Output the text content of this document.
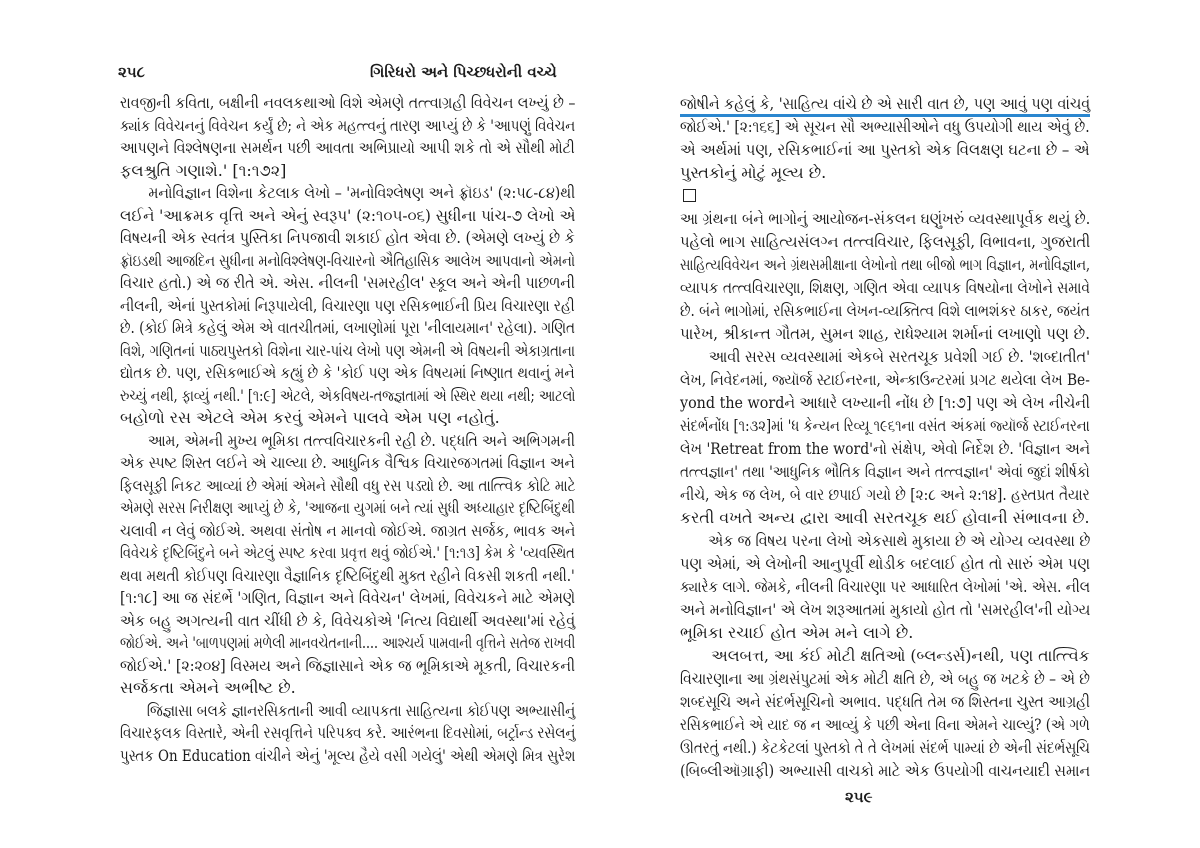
૨૫૮	ગિરિધરો અને પિચ્છધરોની વચ્ચે
રાવજીની કવિતા, બક્ષીની નવલકથાઓ વિશે એમણે તત્ત્વાગ્રહી વિવેચન લખ્યું છે –
ક્યાંક વિવેચનનું વિવેચન કર્યું છે; ને એક મહત્ત્વનું તારણ આપ્યું છે કે 'આપણું વિવેચન
આપણને વિશ્લેષણના સમર્થન પછી આવતા અભિપ્રાયો આપી શકે તો એ સૌથી મોટી
ફલશ્રુતિ ગણાશે.' [૧:૧૭૨]
મનોવિજ્ઞાન વિશેના કેટલાક લેખો – 'મનોવિશ્લેષણ અને ફ્રૉઇડ' (૨:૫૮-૮૪)થી
લઈને 'આક્રમક વૃત્તિ અને એનું સ્વરૂપ' (૨:૧૦૫-૦૬) સુધીના પાંચ-૭ લેખો એ
વિષયની એક સ્વતંત્ર પુસ્તિકા નિપજાવી શકાઈ હોત એવા છે. (એમણે લખ્યું છે કે
ફ્રૉઇડથી આજદિન સુધીના મનોવિશ્લેષણ-વિચારનો ઐતિહાસિક આલેખ આપવાનો એમનો
વિચાર હતો.) એ જ રીતે એ. એસ. નીલની 'સમરહીલ' સ્કૂલ અને એની પાછળની
નીલની, એનાં પુસ્તકોમાં નિરૂપાયેલી, વિચારણા પણ રસિકભાઈની પ્રિય વિચારણા રહી
છે. (કોઈ મિત્રે કહેલું એમ એ વાતચીતમાં, લખાણોમાં પૂરા 'નીલાયમાન' રહેલા). ગણિત
વિશે, ગણિતનાં પાઠ્યપુસ્તકો વિશેના ચાર-પાંચ લેખો પણ એમની એ વિષયની એકાગ્રતાના
દ્યોતક છે. પણ, રસિકભાઈએ કહ્યું છે કે 'કોઈ પણ એક વિષયમાં નિષ્ણાત થવાનું મને
રુચ્યું નથી, ફાવ્યું નથી.' [૧:૯] એટલે, એકવિષય-તજ્જ્ઞતામાં એ સ્થિર થયા નથી; આટલો
બહોળો રસ એટલે એમ કરવું એમને પાલવે એમ પણ નહોતું.
આમ, એમની મુખ્ય ભૂમિકા તત્ત્વવિચારકની રહી છે. પદ્ધતિ અને અભિગમની
એક સ્પષ્ટ શિસ્ત લઈને એ ચાલ્યા છે. આધુનિક વૈશ્વિક વિચારજગતમાં વિજ્ઞાન અને
ફિલસૂફી નિકટ આવ્યાં છે એમાં એમને સૌથી વધુ રસ પડ્યો છે. આ તાત્ત્વિક કોટિ માટે
એમણે સરસ નિરીક્ષણ આપ્યું છે કે, 'આજના યુગમાં બને ત્યાં સુધી અધ્યાહાર દૃષ્ટિબિંદુથી
ચલાવી ન લેવું જોઈએ. અથવા સંતોષ ન માનવો જોઈએ. જાગ્રત સર્જક, ભાવક અને
વિવેચકે દૃષ્ટિબિંદુને બને એટલું સ્પષ્ટ કરવા પ્રવૃત્ત થવું જોઈએ.' [૧:૧૩] કેમ કે 'વ્યવસ્થિત
થવા મથતી કોઈપણ વિચારણા વૈજ્ઞાનિક દૃષ્ટિબિંદુથી મુક્ત રહીને વિકસી શકતી નથી.'
[૧:૧૮] આ જ સંદર્ભે 'ગણિત, વિજ્ઞાન અને વિવેચન' લેખમાં, વિવેચકને માટે એમણે
એક બહુ અગત્યની વાત ચીંધી છે કે, વિવેચકોએ 'નિત્ય વિદ્યાર્થી અવસ્થા'માં રહેવું
જોઈએ. અને 'બાળપણમાં મળેલી માનવચેતનાની.... આશ્ચર્ય પામવાની વૃત્તિને સતેજ રાખવી
જોઈએ.' [૨:૨૦૪] વિસ્મય અને જિજ્ઞાસાને એક જ ભૂમિકાએ મૂકતી, વિચારકની
સર્જકતા એમને અભીષ્ટ છે.
જિજ્ઞાસા બલકે જ્ઞાનરસિકતાની આવી વ્યાપકતા સાહિત્યના કોઈપણ અભ્યાસીનું
વિચારફલક વિસ્તારે, એની રસવૃત્તિને પરિપક્વ કરે. આરંભના દિવસોમાં, બર્ટ્રાન્ડ રસેલનું
પુસ્તક On Education વાંચીને એનું 'મૂલ્ય હૈયે વસી ગયેલું' એથી એમણે મિત્ર સુરેશ
જોષીને કહેલું કે, 'સાહિત્ય વાંચે છે એ સારી વાત છે, પણ આવું પણ વાંચવું
જોઈએ.' [૨:૧૬૬] એ સૂચન સૌ અભ્યાસીઓને વધુ ઉપયોગી થાય એવું છે.
એ અર્થમાં પણ, રસિકભાઈનાં આ પુસ્તકો એક વિલક્ષણ ઘટના છે – એ
પુસ્તકોનું મોટું મૂલ્ય છે.
આ ગ્રંથના બંને ભાગોનું આયોજન-સંકલન ઘણુંખરું વ્યવસ્થાપૂર્વક થયું છે.
પહેલો ભાગ સાહિત્યસંલગ્ન તત્ત્વવિચાર, ફિલસૂફી, વિભાવના, ગુજરાતી
સાહિત્યવિવેચન અને ગ્રંથસમીક્ષાના લેખોનો તથા બીજો ભાગ વિજ્ઞાન, મનોવિજ્ઞાન,
વ્યાપક તત્ત્વવિચારણા, શિક્ષણ, ગણિત એવા વ્યાપક વિષયોના લેખોને સમાવે
છે. બંને ભાગોમાં, રસિકભાઈના લેખન-વ્યક્તિત્વ વિશે લાભશંકર ઠાકર, જયંત
પારેખ, શ્રીકાન્ત ગૌતમ, સુમન શાહ, રાધેશ્યામ શર્માનાં લખાણો પણ છે.
આવી સરસ વ્યવસ્થામાં એકબે સરતચૂક પ્રવેશી ગઈ છે. 'શબ્દાતીત'
લેખ, નિવેદનમાં, જ્યૉર્જ સ્ટાઈનરના, એન્કાઉન્ટરમાં પ્રગટ થયેલા લેખ Be-
yond the wordને આધારે લખ્યાની નોંધ છે [૧:૭] પણ એ લેખ નીચેની
સંદર્ભનોંધ [૧:૩૨]માં 'ધ કેન્યન રિવ્યૂ ૧૯૬૧ના વસંત અંકમાં જ્યૉર્જ સ્ટાઈનરના
લેખ 'Retreat from the word'નો સંક્ષેપ, એવો નિર્દેશ છે. 'વિજ્ઞાન અને
તત્ત્વજ્ઞાન' તથા 'આધુનિક ભૌતિક વિજ્ઞાન અને તત્ત્વજ્ઞાન' એવાં જુદાં શીર્ષકો
નીચે, એક જ લેખ, બે વાર છપાઈ ગયો છે [૨:૮ અને ૨:૧૪]. હસ્તપ્રત તૈયાર
કરતી વખતે અન્ય દ્વારા આવી સરતચૂક થઈ હોવાની સંભાવના છે.
એક જ વિષય પરના લેખો એકસાથે મુકાયા છે એ યોગ્ય વ્યવસ્થા છે
પણ એમાં, એ લેખોની આનુપૂર્વી થોડીક બદલાઈ હોત તો સારું એમ પણ
ક્યારેક લાગે. જેમકે, નીલની વિચારણા પર આધારિત લેખોમાં 'એ. એસ. નીલ
અને મનોવિજ્ઞાન' એ લેખ શરૂઆતમાં મુકાયો હોત તો 'સમરહીલ'ની યોગ્ય
ભૂમિકા રચાઈ હોત એમ મને લાગે છે.
અલબત્ત, આ કંઈ મોટી ક્ષતિઓ (બ્લન્ડર્સ)નથી, પણ તાત્ત્વિક
વિચારણાના આ ગ્રંથસંપુટમાં એક મોટી ક્ષતિ છે, એ બહુ જ ખટકે છે – એ છે
શબ્દસૂચિ અને સંદર્ભસૂચિનો અભાવ. પદ્ધતિ તેમ જ શિસ્તના ચુસ્ત આગ્રહી
રસિકભાઈને એ યાદ જ ન આવ્યું કે પછી એના વિના એમને ચાલ્યું? (એ ગળે
ઊતરતું નથી.) કેટકેટલાં પુસ્તકો તે તે લેખમાં સંદર્ભ પામ્યાં છે એની સંદર્ભસૂચિ
(બિબ્લીઑગ્રાફી) અભ્યાસી વાચકો માટે એક ઉપયોગી વાચનયાદી સમાન
૨૫૯
